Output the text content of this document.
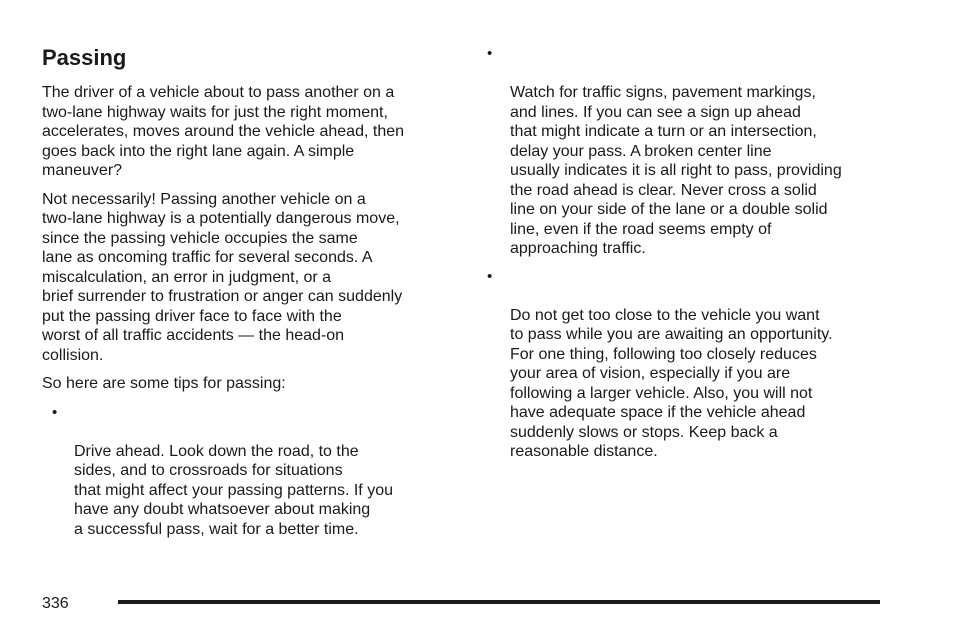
Passing

The driver of a vehicle about to pass another on a
two-lane highway waits for just the right moment,
accelerates, moves around the vehicle ahead, then
goes back into the right lane again. A simple
maneuver?

Not necessarily! Passing another vehicle on a
two-lane highway is a potentially dangerous move,
since the passing vehicle occupies the same
lane as oncoming traffic for several seconds. A
miscalculation, an error in judgment, or a
brief surrender to frustration or anger can suddenly
put the passing driver face to face with the
worst of all traffic accidents — the head-on
collision.

So here are some tips for passing:

•

Drive ahead. Look down the road, to the
sides, and to crossroads for situations
that might affect your passing patterns. If you
have any doubt whatsoever about making
a successful pass, wait for a better time.

•

Watch for traffic signs, pavement markings,
and lines. If you can see a sign up ahead
that might indicate a turn or an intersection,
delay your pass. A broken center line
usually indicates it is all right to pass, providing
the road ahead is clear. Never cross a solid
line on your side of the lane or a double solid
line, even if the road seems empty of
approaching traffic.

•

Do not get too close to the vehicle you want
to pass while you are awaiting an opportunity.
For one thing, following too closely reduces
your area of vision, especially if you are
following a larger vehicle. Also, you will not
have adequate space if the vehicle ahead
suddenly slows or stops. Keep back a
reasonable distance.

336
